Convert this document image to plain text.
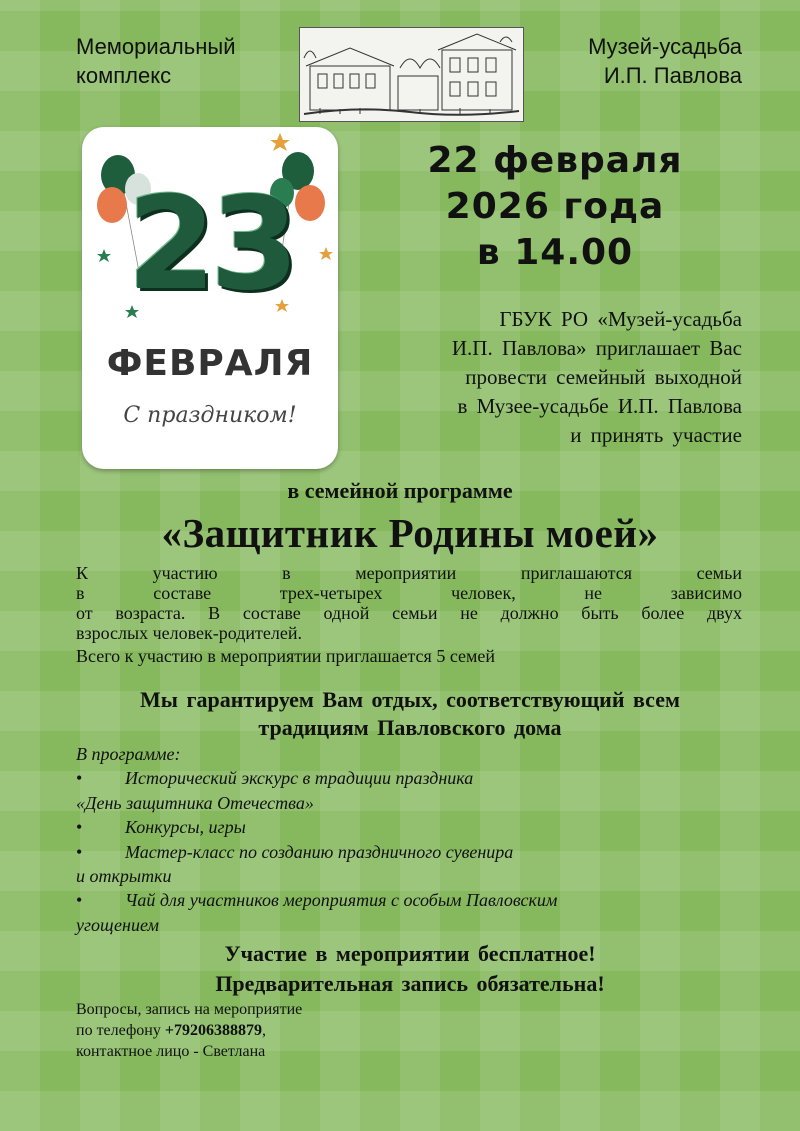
Мемориальный
комплекс
Музей-усадьба
И.П. Павлова
23
ФЕВРАЛЯ
С праздником!
22 февраля
2026 года
в 14.00
ГБУК РО «Музей-усадьба
И.П. Павлова» приглашает Вас
провести семейный выходной
в Музее-усадьбе И.П. Павлова
и принять участие
в семейной программе
«Защитник Родины моей»
К участию в мероприятии приглашаются семьи
в составе трех-четырех человек, не зависимо
от возраста. В составе одной семьи не должно быть более двух
взрослых человек-родителей.
Всего к участию в мероприятии приглашается 5 семей
Мы гарантируем Вам отдых, соответствующий всем
традициям Павловского дома
В программе:
• Исторический экскурс в традиции праздника
«День защитника Отечества»
• Конкурсы, игры
• Мастер-класс по созданию праздничного сувенира
и открытки
• Чай для участников мероприятия с особым Павловским
угощением
Участие в мероприятии бесплатное!
Предварительная запись обязательна!
Вопросы, запись на мероприятие
по телефону +79206388879,
контактное лицо - Светлана
